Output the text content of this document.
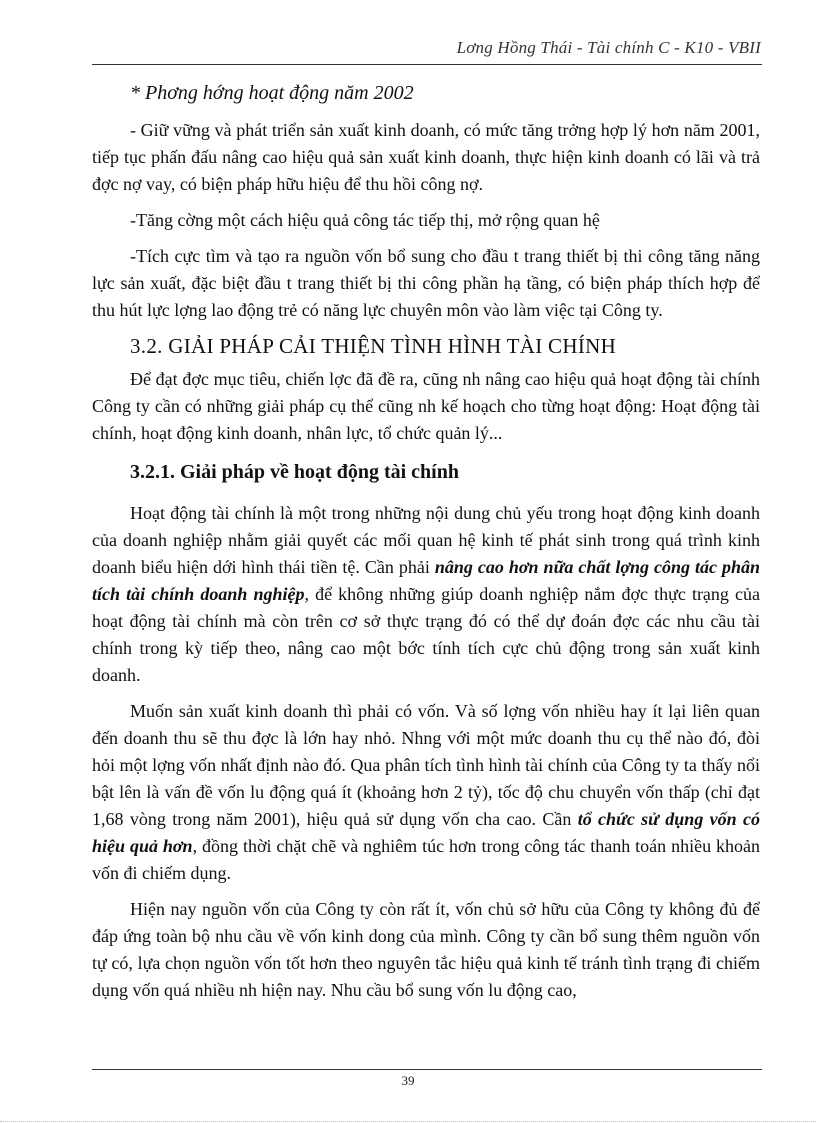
Lơng Hồng Thái - Tài chính C - K10 - VBII

* Phơng hớng hoạt động năm 2002

- Giữ vững và phát triển sản xuất kinh doanh, có mức tăng trởng hợp lý hơn năm 2001, tiếp tục phấn đấu nâng cao hiệu quả sản xuất kinh doanh, thực hiện kinh doanh có lãi và trả đợc nợ vay, có biện pháp hữu hiệu để thu hồi công nợ.

-Tăng cờng một cách hiệu quả công tác tiếp thị, mở rộng quan hệ

-Tích cực tìm và tạo ra nguồn vốn bổ sung cho đầu t trang thiết bị thi công tăng năng lực sản xuất, đặc biệt đầu t trang thiết bị thi công phần hạ tầng, có biện pháp thích hợp để thu hút lực lợng lao động trẻ có năng lực chuyên môn vào làm việc tại Công ty.

3.2. GIẢI PHÁP CẢI THIỆN TÌNH HÌNH TÀI CHÍNH

Để đạt đợc mục tiêu, chiến lợc đã đề ra, cũng nh nâng cao hiệu quả hoạt động tài chính Công ty cần có những giải pháp cụ thể cũng nh kế hoạch cho từng hoạt động: Hoạt động tài chính, hoạt động kinh doanh, nhân lực, tổ chức quản lý...

3.2.1. Giải pháp về hoạt động tài chính

Hoạt động tài chính là một trong những nội dung chủ yếu trong hoạt động kinh doanh của doanh nghiệp nhằm giải quyết các mối quan hệ kinh tế phát sinh trong quá trình kinh doanh biểu hiện dới hình thái tiền tệ. Cần phải nâng cao hơn nữa chất lợng công tác phân tích tài chính doanh nghiệp, để không những giúp doanh nghiệp nắm đợc thực trạng của hoạt động tài chính mà còn trên cơ sở thực trạng đó có thể dự đoán đợc các nhu cầu tài chính trong kỳ tiếp theo, nâng cao một bớc tính tích cực chủ động trong sản xuất kinh doanh.

Muốn sản xuất kinh doanh thì phải có vốn. Và số lợng vốn nhiều hay ít lại liên quan đến doanh thu sẽ thu đợc là lớn hay nhỏ. Nhng với một mức doanh thu cụ thể nào đó, đòi hỏi một lợng vốn nhất định nào đó. Qua phân tích tình hình tài chính của Công ty ta thấy nổi bật lên là vấn đề vốn lu động quá ít (khoảng hơn 2 tỷ), tốc độ chu chuyển vốn thấp (chỉ đạt 1,68 vòng trong năm 2001), hiệu quả sử dụng vốn cha cao. Cần tổ chức sử dụng vốn có hiệu quả hơn, đồng thời chặt chẽ và nghiêm túc hơn trong công tác thanh toán nhiều khoản vốn đi chiếm dụng.

Hiện nay nguồn vốn của Công ty còn rất ít, vốn chủ sở hữu của Công ty không đủ để đáp ứng toàn bộ nhu cầu về vốn kinh dong của mình. Công ty cần bổ sung thêm nguồn vốn tự có, lựa chọn nguồn vốn tốt hơn theo nguyên tắc hiệu quả kinh tế tránh tình trạng đi chiếm dụng vốn quá nhiều nh hiện nay. Nhu cầu bổ sung vốn lu động cao,

39
